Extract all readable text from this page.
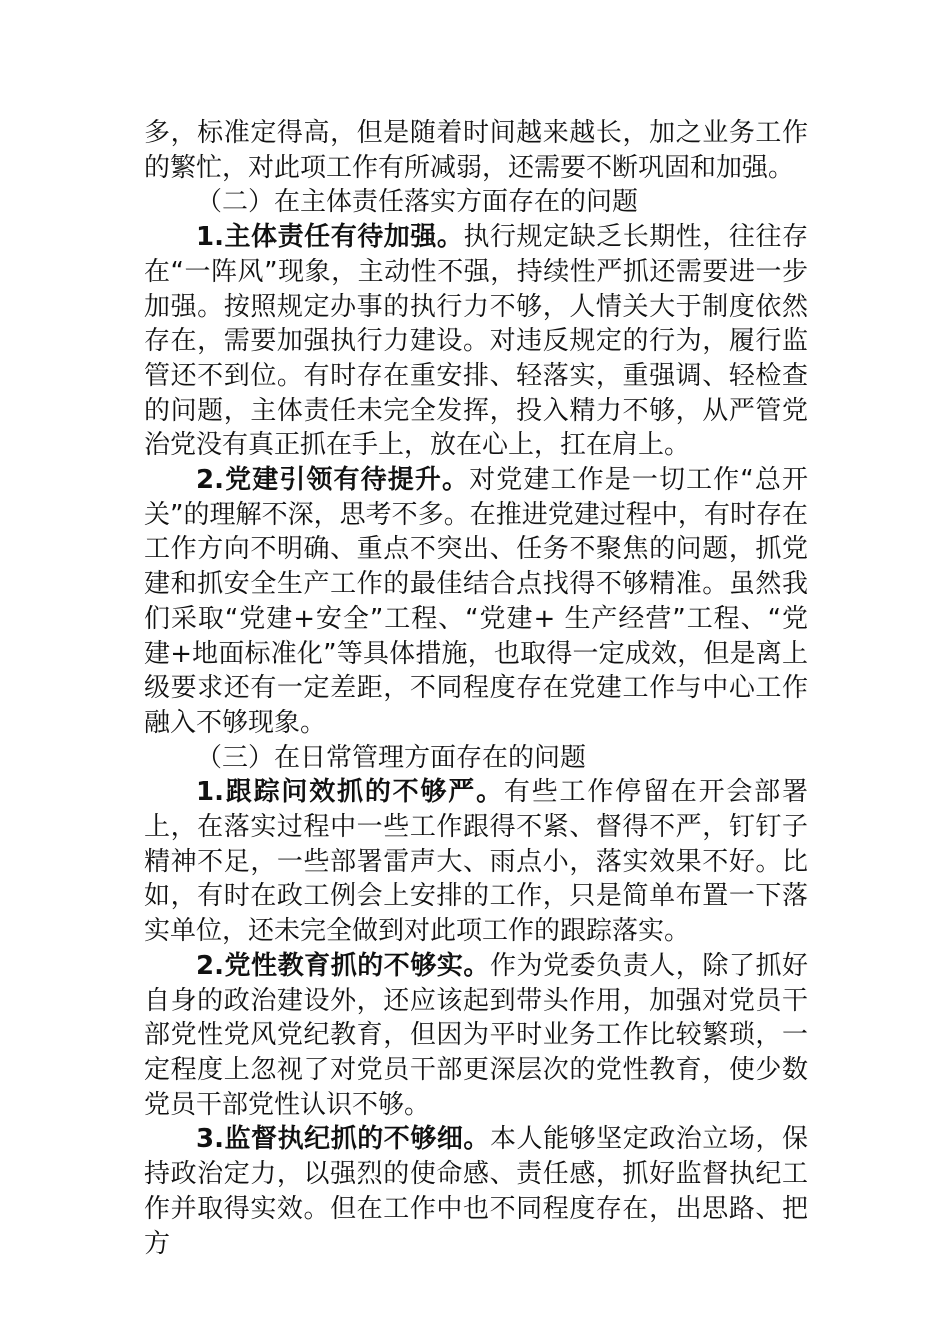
多，标准定得高，但是随着时间越来越长，加之业务工作的繁忙，对此项工作有所减弱，还需要不断巩固和加强。

（二）在主体责任落实方面存在的问题

1.主体责任有待加强。执行规定缺乏长期性，往往存在“一阵风”现象，主动性不强，持续性严抓还需要进一步加强。按照规定办事的执行力不够，人情关大于制度依然存在，需要加强执行力建设。对违反规定的行为，履行监管还不到位。有时存在重安排、轻落实，重强调、轻检查的问题，主体责任未完全发挥，投入精力不够，从严管党治党没有真正抓在手上，放在心上，扛在肩上。

2.党建引领有待提升。对党建工作是一切工作“总开关”的理解不深，思考不多。在推进党建过程中，有时存在工作方向不明确、重点不突出、任务不聚焦的问题，抓党建和抓安全生产工作的最佳结合点找得不够精准。虽然我们采取“党建+安全”工程、“党建+ 生产经营”工程、“党建+地面标准化”等具体措施，也取得一定成效，但是离上级要求还有一定差距，不同程度存在党建工作与中心工作融入不够现象。

（三）在日常管理方面存在的问题

1.跟踪问效抓的不够严。有些工作停留在开会部署上，在落实过程中一些工作跟得不紧、督得不严，钉钉子精神不足，一些部署雷声大、雨点小，落实效果不好。比如，有时在政工例会上安排的工作，只是简单布置一下落实单位，还未完全做到对此项工作的跟踪落实。

2.党性教育抓的不够实。作为党委负责人，除了抓好自身的政治建设外，还应该起到带头作用，加强对党员干部党性党风党纪教育，但因为平时业务工作比较繁琐，一定程度上忽视了对党员干部更深层次的党性教育，使少数党员干部党性认识不够。

3.监督执纪抓的不够细。本人能够坚定政治立场，保持政治定力，以强烈的使命感、责任感，抓好监督执纪工作并取得实效。但在工作中也不同程度存在，出思路、把方
